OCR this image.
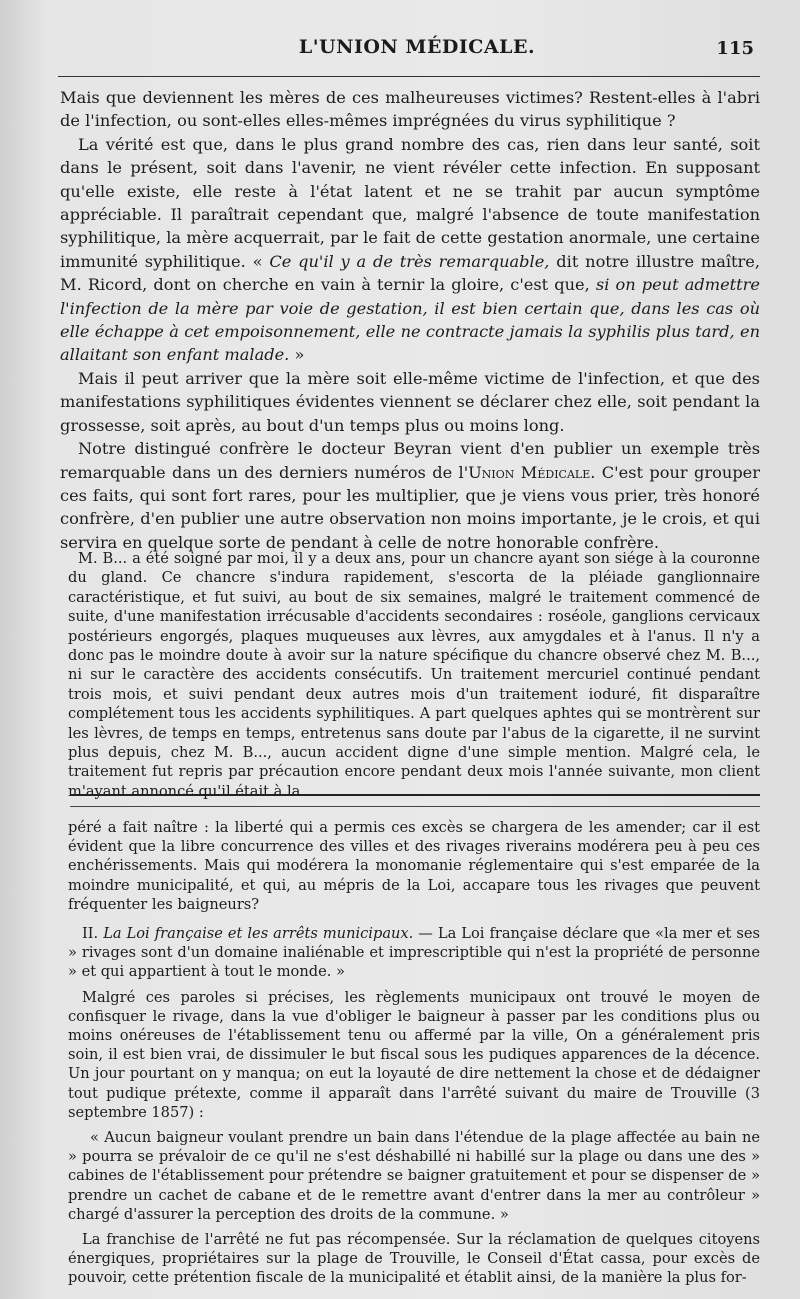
L'UNION MÉDICALE.	115

Mais que deviennent les mères de ces malheureuses victimes? Restent-elles à l'abri de l'infection, ou sont-elles elles-mêmes imprégnées du virus syphilitique ?

La vérité est que, dans le plus grand nombre des cas, rien dans leur santé, soit dans le présent, soit dans l'avenir, ne vient révéler cette infection. En supposant qu'elle existe, elle reste à l'état latent et ne se trahit par aucun symptôme appréciable. Il paraîtrait cependant que, malgré l'absence de toute manifestation syphilitique, la mère acquerrait, par le fait de cette gestation anormale, une certaine immunité syphilitique. « Ce qu'il y a de très remarquable, dit notre illustre maître, M. Ricord, dont on cherche en vain à ternir la gloire, c'est que, si on peut admettre l'infection de la mère par voie de gestation, il est bien certain que, dans les cas où elle échappe à cet empoisonnement, elle ne contracte jamais la syphilis plus tard, en allaitant son enfant malade. »

Mais il peut arriver que la mère soit elle-même victime de l'infection, et que des manifestations syphilitiques évidentes viennent se déclarer chez elle, soit pendant la grossesse, soit après, au bout d'un temps plus ou moins long.

Notre distingué confrère le docteur Beyran vient d'en publier un exemple très remarquable dans un des derniers numéros de l'Union Médicale. C'est pour grouper ces faits, qui sont fort rares, pour les multiplier, que je viens vous prier, très honoré confrère, d'en publier une autre observation non moins importante, je le crois, et qui servira en quelque sorte de pendant à celle de notre honorable confrère.

M. B... a été soigné par moi, il y a deux ans, pour un chancre ayant son siége à la couronne du gland. Ce chancre s'indura rapidement, s'escorta de la pléiade ganglionnaire caractéristique, et fut suivi, au bout de six semaines, malgré le traitement commencé de suite, d'une manifestation irrécusable d'accidents secondaires : roséole, ganglions cervicaux postérieurs engorgés, plaques muqueuses aux lèvres, aux amygdales et à l'anus. Il n'y a donc pas le moindre doute à avoir sur la nature spécifique du chancre observé chez M. B..., ni sur le caractère des accidents consécutifs. Un traitement mercuriel continué pendant trois mois, et suivi pendant deux autres mois d'un traitement ioduré, fit disparaître complétement tous les accidents syphilitiques. A part quelques aphtes qui se montrèrent sur les lèvres, de temps en temps, entretenus sans doute par l'abus de la cigarette, il ne survint plus depuis, chez M. B..., aucun accident digne d'une simple mention. Malgré cela, le traitement fut repris par précaution encore pendant deux mois l'année suivante, mon client m'ayant annoncé qu'il était à la

péré a fait naître : la liberté qui a permis ces excès se chargera de les amender; car il est évident que la libre concurrence des villes et des rivages riverains modérera peu à peu ces enchérissements. Mais qui modérera la monomanie réglementaire qui s'est emparée de la moindre municipalité, et qui, au mépris de la Loi, accapare tous les rivages que peuvent fréquenter les baigneurs?

II. La Loi française et les arrêts municipaux. — La Loi française déclare que «la mer et ses » rivages sont d'un domaine inaliénable et imprescriptible qui n'est la propriété de personne » et qui appartient à tout le monde. »

Malgré ces paroles si précises, les règlements municipaux ont trouvé le moyen de confisquer le rivage, dans la vue d'obliger le baigneur à passer par les conditions plus ou moins onéreuses de l'établissement tenu ou affermé par la ville, On a généralement pris soin, il est bien vrai, de dissimuler le but fiscal sous les pudiques apparences de la décence. Un jour pourtant on y manqua; on eut la loyauté de dire nettement la chose et de dédaigner tout pudique prétexte, comme il apparaît dans l'arrêté suivant du maire de Trouville (3 septembre 1857) :

« Aucun baigneur voulant prendre un bain dans l'étendue de la plage affectée au bain ne » pourra se prévaloir de ce qu'il ne s'est déshabillé ni habillé sur la plage ou dans une des » cabines de l'établissement pour prétendre se baigner gratuitement et pour se dispenser de » prendre un cachet de cabane et de le remettre avant d'entrer dans la mer au contrôleur » chargé d'assurer la perception des droits de la commune. »

La franchise de l'arrêté ne fut pas récompensée. Sur la réclamation de quelques citoyens énergiques, propriétaires sur la plage de Trouville, le Conseil d'État cassa, pour excès de pouvoir, cette prétention fiscale de la municipalité et établit ainsi, de la manière la plus for-
